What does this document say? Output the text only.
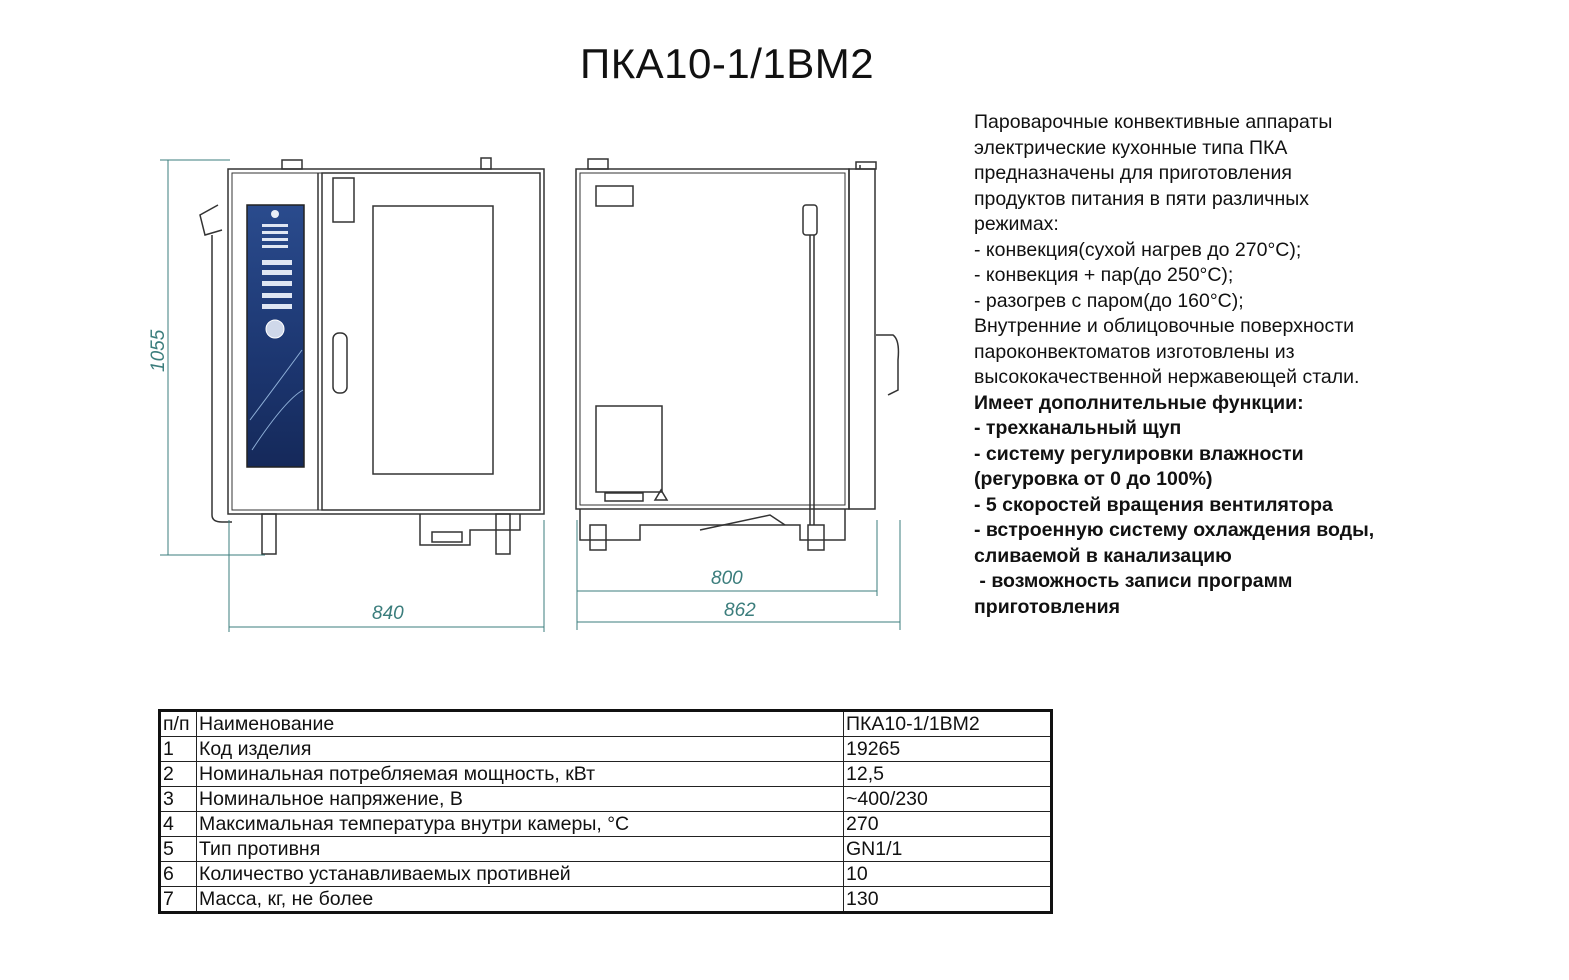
ПКА10-1/1ВМ2
1055
840
800
862
Пароварочные конвективные аппараты
электрические кухонные типа ПКА
предназначены для приготовления
продуктов питания в пяти различных
режимах:
- конвекция(сухой нагрев до 270°С);
- конвекция + пар(до 250°С);
- разогрев с паром(до 160°С);
Внутренние и облицовочные поверхности
пароконвектоматов изготовлены из
высококачественной нержавеющей стали.
Имеет дополнительные функции:
- трехканальный щуп
- систему регулировки влажности
(регуровка от 0 до 100%)
- 5 скоростей вращения вентилятора
- встроенную систему охлаждения воды,
сливаемой в канализацию
- возможность записи программ
приготовления
п/п	Наименование	ПКА10-1/1ВМ2
1	Код изделия	19265
2	Номинальная потребляемая мощность, кВт	12,5
3	Номинальное напряжение, В	~400/230
4	Максимальная температура внутри камеры, °С	270
5	Тип противня	GN1/1
6	Количество устанавливаемых противней	10
7	Масса, кг, не более	130
